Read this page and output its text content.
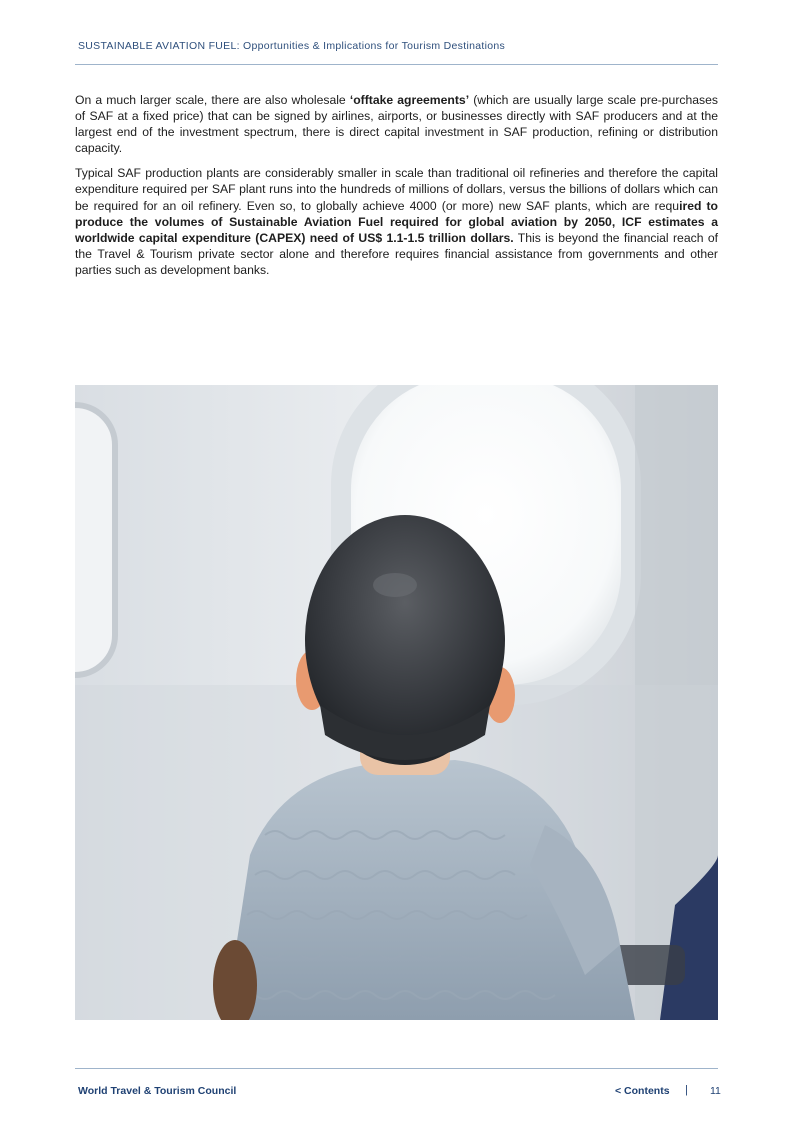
SUSTAINABLE AVIATION FUEL: Opportunities & Implications for Tourism Destinations

On a much larger scale, there are also wholesale ‘offtake agreements’ (which are usually large scale pre-purchases of SAF at a fixed price) that can be signed by airlines, airports, or businesses directly with SAF producers and at the largest end of the investment spectrum, there is direct capital investment in SAF production, refining or distribution capacity.

Typical SAF production plants are considerably smaller in scale than traditional oil refineries and therefore the capital expenditure required per SAF plant runs into the hundreds of millions of dollars, versus the billions of dollars which can be required for an oil refinery. Even so, to globally achieve 4000 (or more) new SAF plants, which are required to produce the volumes of Sustainable Aviation Fuel required for global aviation by 2050, ICF estimates a worldwide capital expenditure (CAPEX) need of US$ 1.1-1.5 trillion dollars. This is beyond the financial reach of the Travel & Tourism private sector alone and therefore requires financial assistance from governments and other parties such as development banks.

World Travel & Tourism Council	< Contents | 11
